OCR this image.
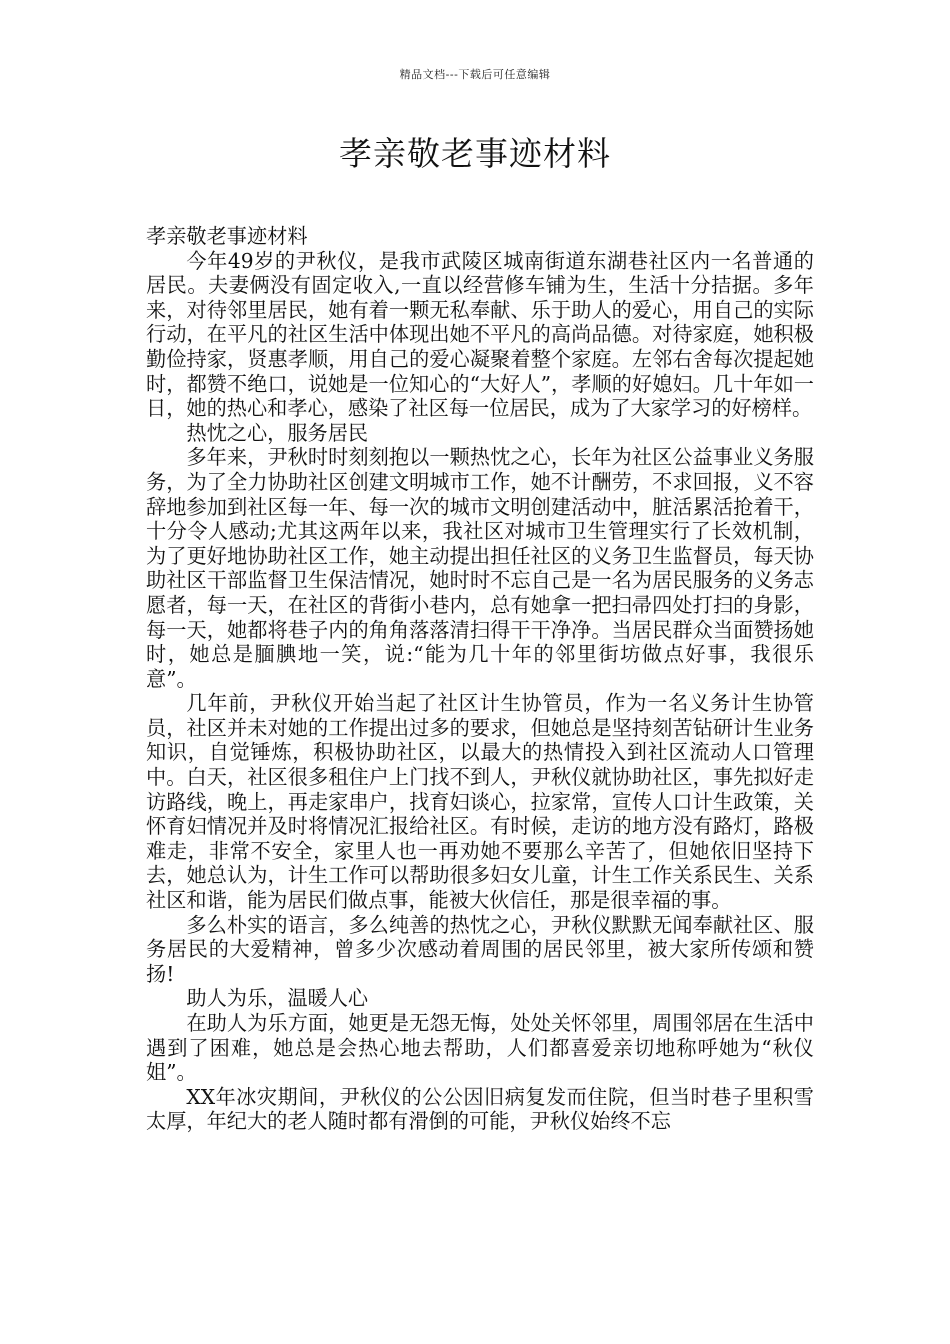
精品文档---下载后可任意编辑
孝亲敬老事迹材料

孝亲敬老事迹材料

今年49岁的尹秋仪，是我市武陵区城南街道东湖巷社区内一名普通的居民。夫妻俩没有固定收入,一直以经营修车铺为生，生活十分拮据。多年来，对待邻里居民，她有着一颗无私奉献、乐于助人的爱心，用自己的实际行动，在平凡的社区生活中体现出她不平凡的高尚品德。对待家庭，她积极勤俭持家，贤惠孝顺，用自己的爱心凝聚着整个家庭。左邻右舍每次提起她时，都赞不绝口，说她是一位知心的“大好人”，孝顺的好媳妇。几十年如一日，她的热心和孝心，感染了社区每一位居民，成为了大家学习的好榜样。

热忱之心，服务居民

多年来，尹秋时时刻刻抱以一颗热忱之心，长年为社区公益事业义务服务，为了全力协助社区创建文明城市工作，她不计酬劳，不求回报，义不容辞地参加到社区每一年、每一次的城市文明创建活动中，脏活累活抢着干，十分令人感动;尤其这两年以来，我社区对城市卫生管理实行了长效机制，为了更好地协助社区工作，她主动提出担任社区的义务卫生监督员，每天协助社区干部监督卫生保洁情况，她时时不忘自己是一名为居民服务的义务志愿者，每一天，在社区的背街小巷内，总有她拿一把扫帚四处打扫的身影，每一天，她都将巷子内的角角落落清扫得干干净净。当居民群众当面赞扬她时，她总是腼腆地一笑，说:“能为几十年的邻里街坊做点好事，我很乐意”。

几年前，尹秋仪开始当起了社区计生协管员，作为一名义务计生协管员，社区并未对她的工作提出过多的要求，但她总是坚持刻苦钻研计生业务知识，自觉锤炼，积极协助社区，以最大的热情投入到社区流动人口管理中。白天，社区很多租住户上门找不到人，尹秋仪就协助社区，事先拟好走访路线，晚上，再走家串户，找育妇谈心，拉家常，宣传人口计生政策，关怀育妇情况并及时将情况汇报给社区。有时候，走访的地方没有路灯，路极难走，非常不安全，家里人也一再劝她不要那么辛苦了，但她依旧坚持下去，她总认为，计生工作可以帮助很多妇女儿童，计生工作关系民生、关系社区和谐，能为居民们做点事，能被大伙信任，那是很幸福的事。

多么朴实的语言，多么纯善的热忱之心，尹秋仪默默无闻奉献社区、服务居民的大爱精神，曾多少次感动着周围的居民邻里，被大家所传颂和赞扬!

助人为乐，温暖人心

在助人为乐方面，她更是无怨无悔，处处关怀邻里，周围邻居在生活中遇到了困难，她总是会热心地去帮助，人们都喜爱亲切地称呼她为“秋仪姐”。

XX年冰灾期间，尹秋仪的公公因旧病复发而住院，但当时巷子里积雪太厚，年纪大的老人随时都有滑倒的可能，尹秋仪始终不忘
